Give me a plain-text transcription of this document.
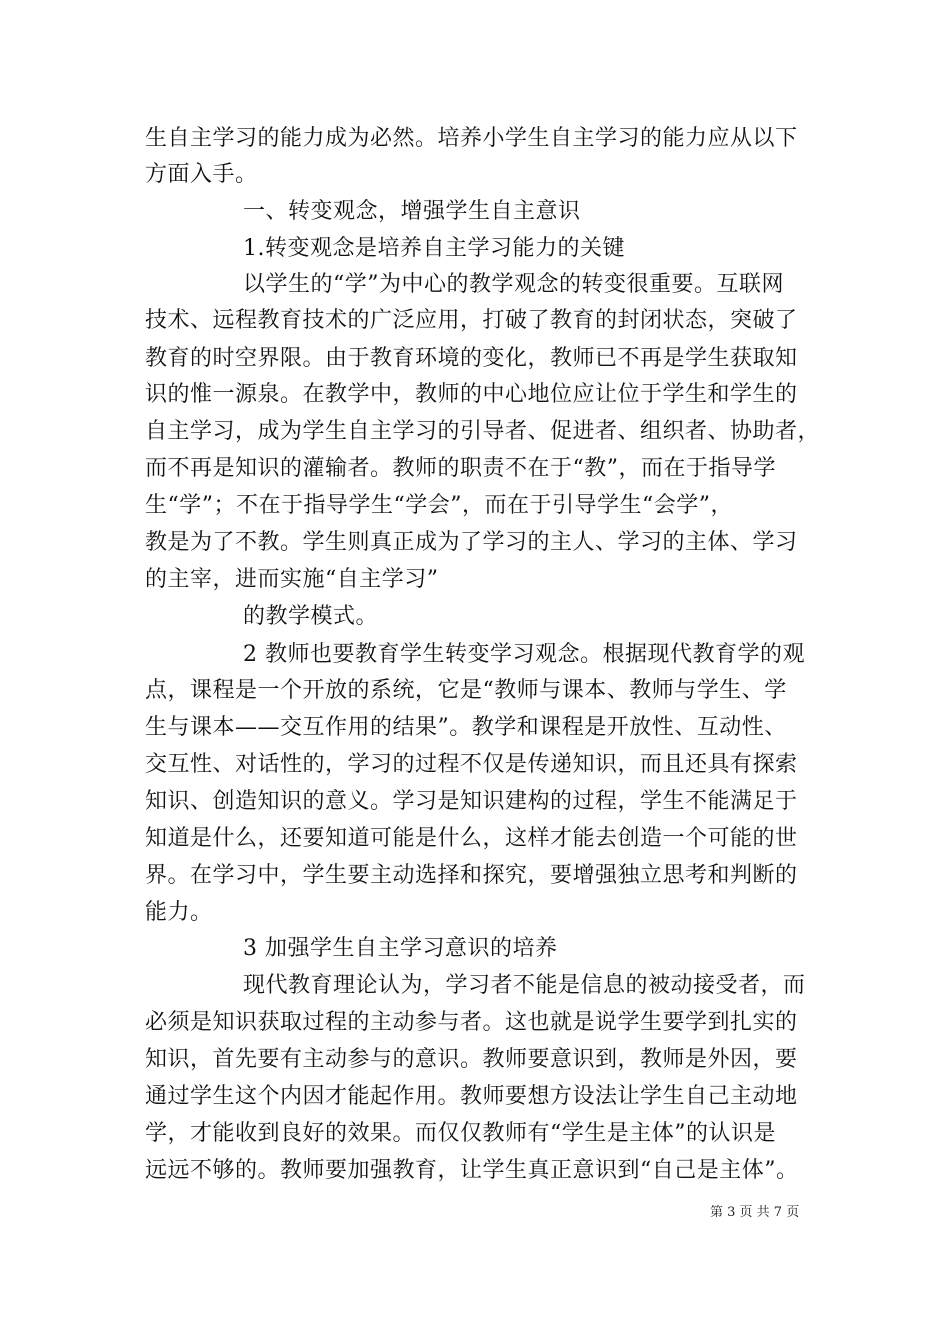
生自主学习的能力成为必然。培养小学生自主学习的能力应从以下
方面入手。
一、转变观念，增强学生自主意识
1.转变观念是培养自主学习能力的关键
以学生的“学”为中心的教学观念的转变很重要。互联网
技术、远程教育技术的广泛应用，打破了教育的封闭状态，突破了
教育的时空界限。由于教育环境的变化，教师已不再是学生获取知
识的惟一源泉。在教学中，教师的中心地位应让位于学生和学生的
自主学习，成为学生自主学习的引导者、促进者、组织者、协助者，
而不再是知识的灌输者。教师的职责不在于“教”，而在于指导学
生“学”；不在于指导学生“学会”，而在于引导学生“会学”，
教是为了不教。学生则真正成为了学习的主人、学习的主体、学习
的主宰，进而实施“自主学习”
的教学模式。
2 教师也要教育学生转变学习观念。根据现代教育学的观
点，课程是一个开放的系统，它是“教师与课本、教师与学生、学
生与课本——交互作用的结果”。教学和课程是开放性、互动性、
交互性、对话性的，学习的过程不仅是传递知识，而且还具有探索
知识、创造知识的意义。学习是知识建构的过程，学生不能满足于
知道是什么，还要知道可能是什么，这样才能去创造一个可能的世
界。在学习中，学生要主动选择和探究，要增强独立思考和判断的
能力。
3 加强学生自主学习意识的培养
现代教育理论认为，学习者不能是信息的被动接受者，而
必须是知识获取过程的主动参与者。这也就是说学生要学到扎实的
知识，首先要有主动参与的意识。教师要意识到，教师是外因，要
通过学生这个内因才能起作用。教师要想方设法让学生自己主动地
学，才能收到良好的效果。而仅仅教师有“学生是主体”的认识是
远远不够的。教师要加强教育，让学生真正意识到“自己是主体”。
第 3 页 共 7 页
